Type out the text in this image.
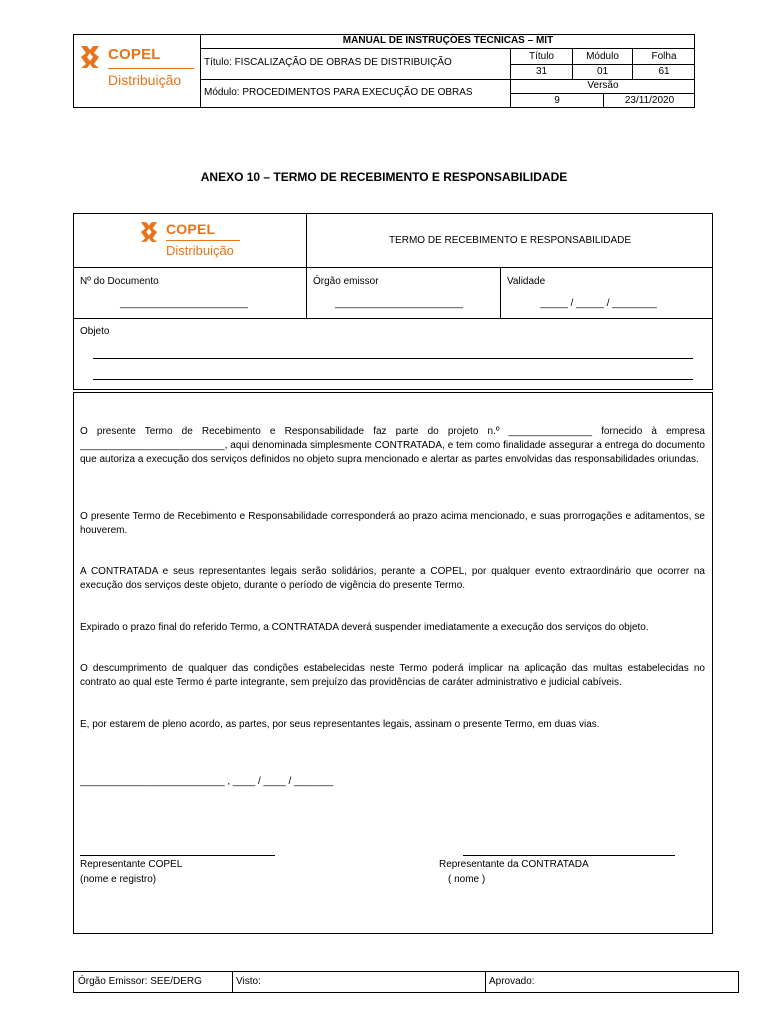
COPEL
Distribuição
MANUAL DE INSTRUÇÕES TÉCNICAS – MIT
Título: FISCALIZAÇÃO DE OBRAS DE DISTRIBUIÇÃO
Módulo: PROCEDIMENTOS PARA EXECUÇÃO DE OBRAS
Título	Módulo	Folha
31	01	61
Versão
9	23/11/2020
ANEXO 10 – TERMO DE RECEBIMENTO E RESPONSABILIDADE
COPEL
Distribuição
TERMO DE RECEBIMENTO E RESPONSABILIDADE
Nº do Documento
_______________________
Órgão emissor
_______________________
Validade
_____ / _____ / ________
Objeto

O presente Termo de Recebimento e Responsabilidade faz parte do projeto n.º _______________ fornecido à empresa __________________________, aqui denominada simplesmente CONTRATADA, e tem como finalidade assegurar a entrega do documento que autoriza a execução dos serviços definidos no objeto supra mencionado e alertar as partes envolvidas das responsabilidades oriundas.

O presente Termo de Recebimento e Responsabilidade corresponderá ao prazo acima mencionado, e suas prorrogações e aditamentos, se houverem.

A CONTRATADA e seus representantes legais serão solidários, perante a COPEL, por qualquer evento extraordinário que ocorrer na execução dos serviços deste objeto, durante o período de vigência do presente Termo.

Expirado o prazo final do referido Termo, a CONTRATADA deverá suspender imediatamente a execução dos serviços do objeto.

O descumprimento de qualquer das condições estabelecidas neste Termo poderá implicar na aplicação das multas estabelecidas no contrato ao qual este Termo é parte integrante, sem prejuízo das providências de caráter administrativo e judicial cabíveis.

E, por estarem de pleno acordo, as partes, por seus representantes legais, assinam o presente Termo, em duas vias.

__________________________ , ____ / ____ / _______
Representante COPEL
(nome e registro)
Representante da CONTRATADA
( nome )
Órgão Emissor: SEE/DERG	Visto:	Aprovado:
